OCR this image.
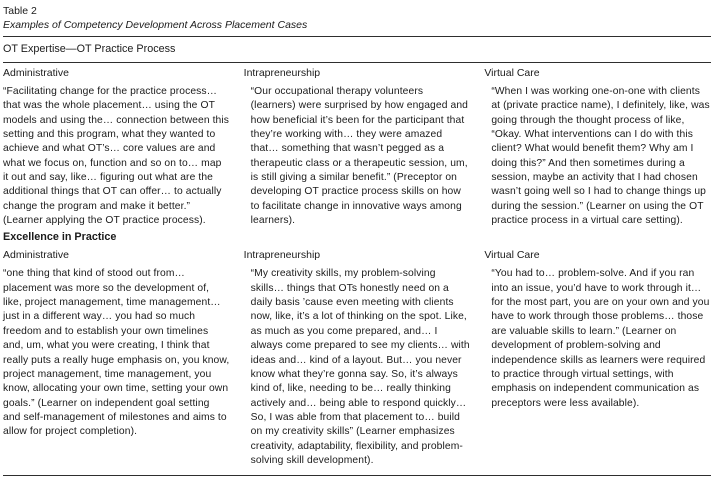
Table 2
Examples of Competency Development Across Placement Cases
OT Expertise—OT Practice Process
Administrative
“Facilitating change for the practice process… that was the whole placement… using the OT models and using the… connection between this setting and this program, what they wanted to achieve and what OT’s… core values are and what we focus on, function and so on to… map it out and say, like… figuring out what are the additional things that OT can offer… to actually change the program and make it better.” (Learner applying the OT practice process).
Intrapreneurship
“Our occupational therapy volunteers (learners) were surprised by how engaged and how beneficial it’s been for the participant that they’re working with… they were amazed that… something that wasn’t pegged as a therapeutic class or a therapeutic session, um, is still giving a similar benefit.” (Preceptor on developing OT practice process skills on how to facilitate change in innovative ways among learners).
Virtual Care
“When I was working one-on-one with clients at (private practice name), I definitely, like, was going through the thought process of like, “Okay. What interventions can I do with this client? What would benefit them? Why am I doing this?” And then sometimes during a session, maybe an activity that I had chosen wasn’t going well so I had to change things up during the session.” (Learner on using the OT practice process in a virtual care setting).
Excellence in Practice
Administrative
“one thing that kind of stood out from… placement was more so the development of, like, project management, time management… just in a different way… you had so much freedom and to establish your own timelines and, um, what you were creating, I think that really puts a really huge emphasis on, you know, project management, time management, you know, allocating your own time, setting your own goals.” (Learner on independent goal setting and self-management of milestones and aims to allow for project completion).
Intrapreneurship
“My creativity skills, my problem-solving skills… things that OTs honestly need on a daily basis ’cause even meeting with clients now, like, it’s a lot of thinking on the spot. Like, as much as you come prepared, and… I always come prepared to see my clients… with ideas and… kind of a layout. But… you never know what they’re gonna say. So, it’s always kind of, like, needing to be… really thinking actively and… being able to respond quickly… So, I was able from that placement to… build on my creativity skills” (Learner emphasizes creativity, adaptability, flexibility, and problem-solving skill development).
Virtual Care
“You had to… problem-solve. And if you ran into an issue, you’d have to work through it… for the most part, you are on your own and you have to work through those problems… those are valuable skills to learn.” (Learner on development of problem-solving and independence skills as learners were required to practice through virtual settings, with emphasis on independent communication as preceptors were less available).
